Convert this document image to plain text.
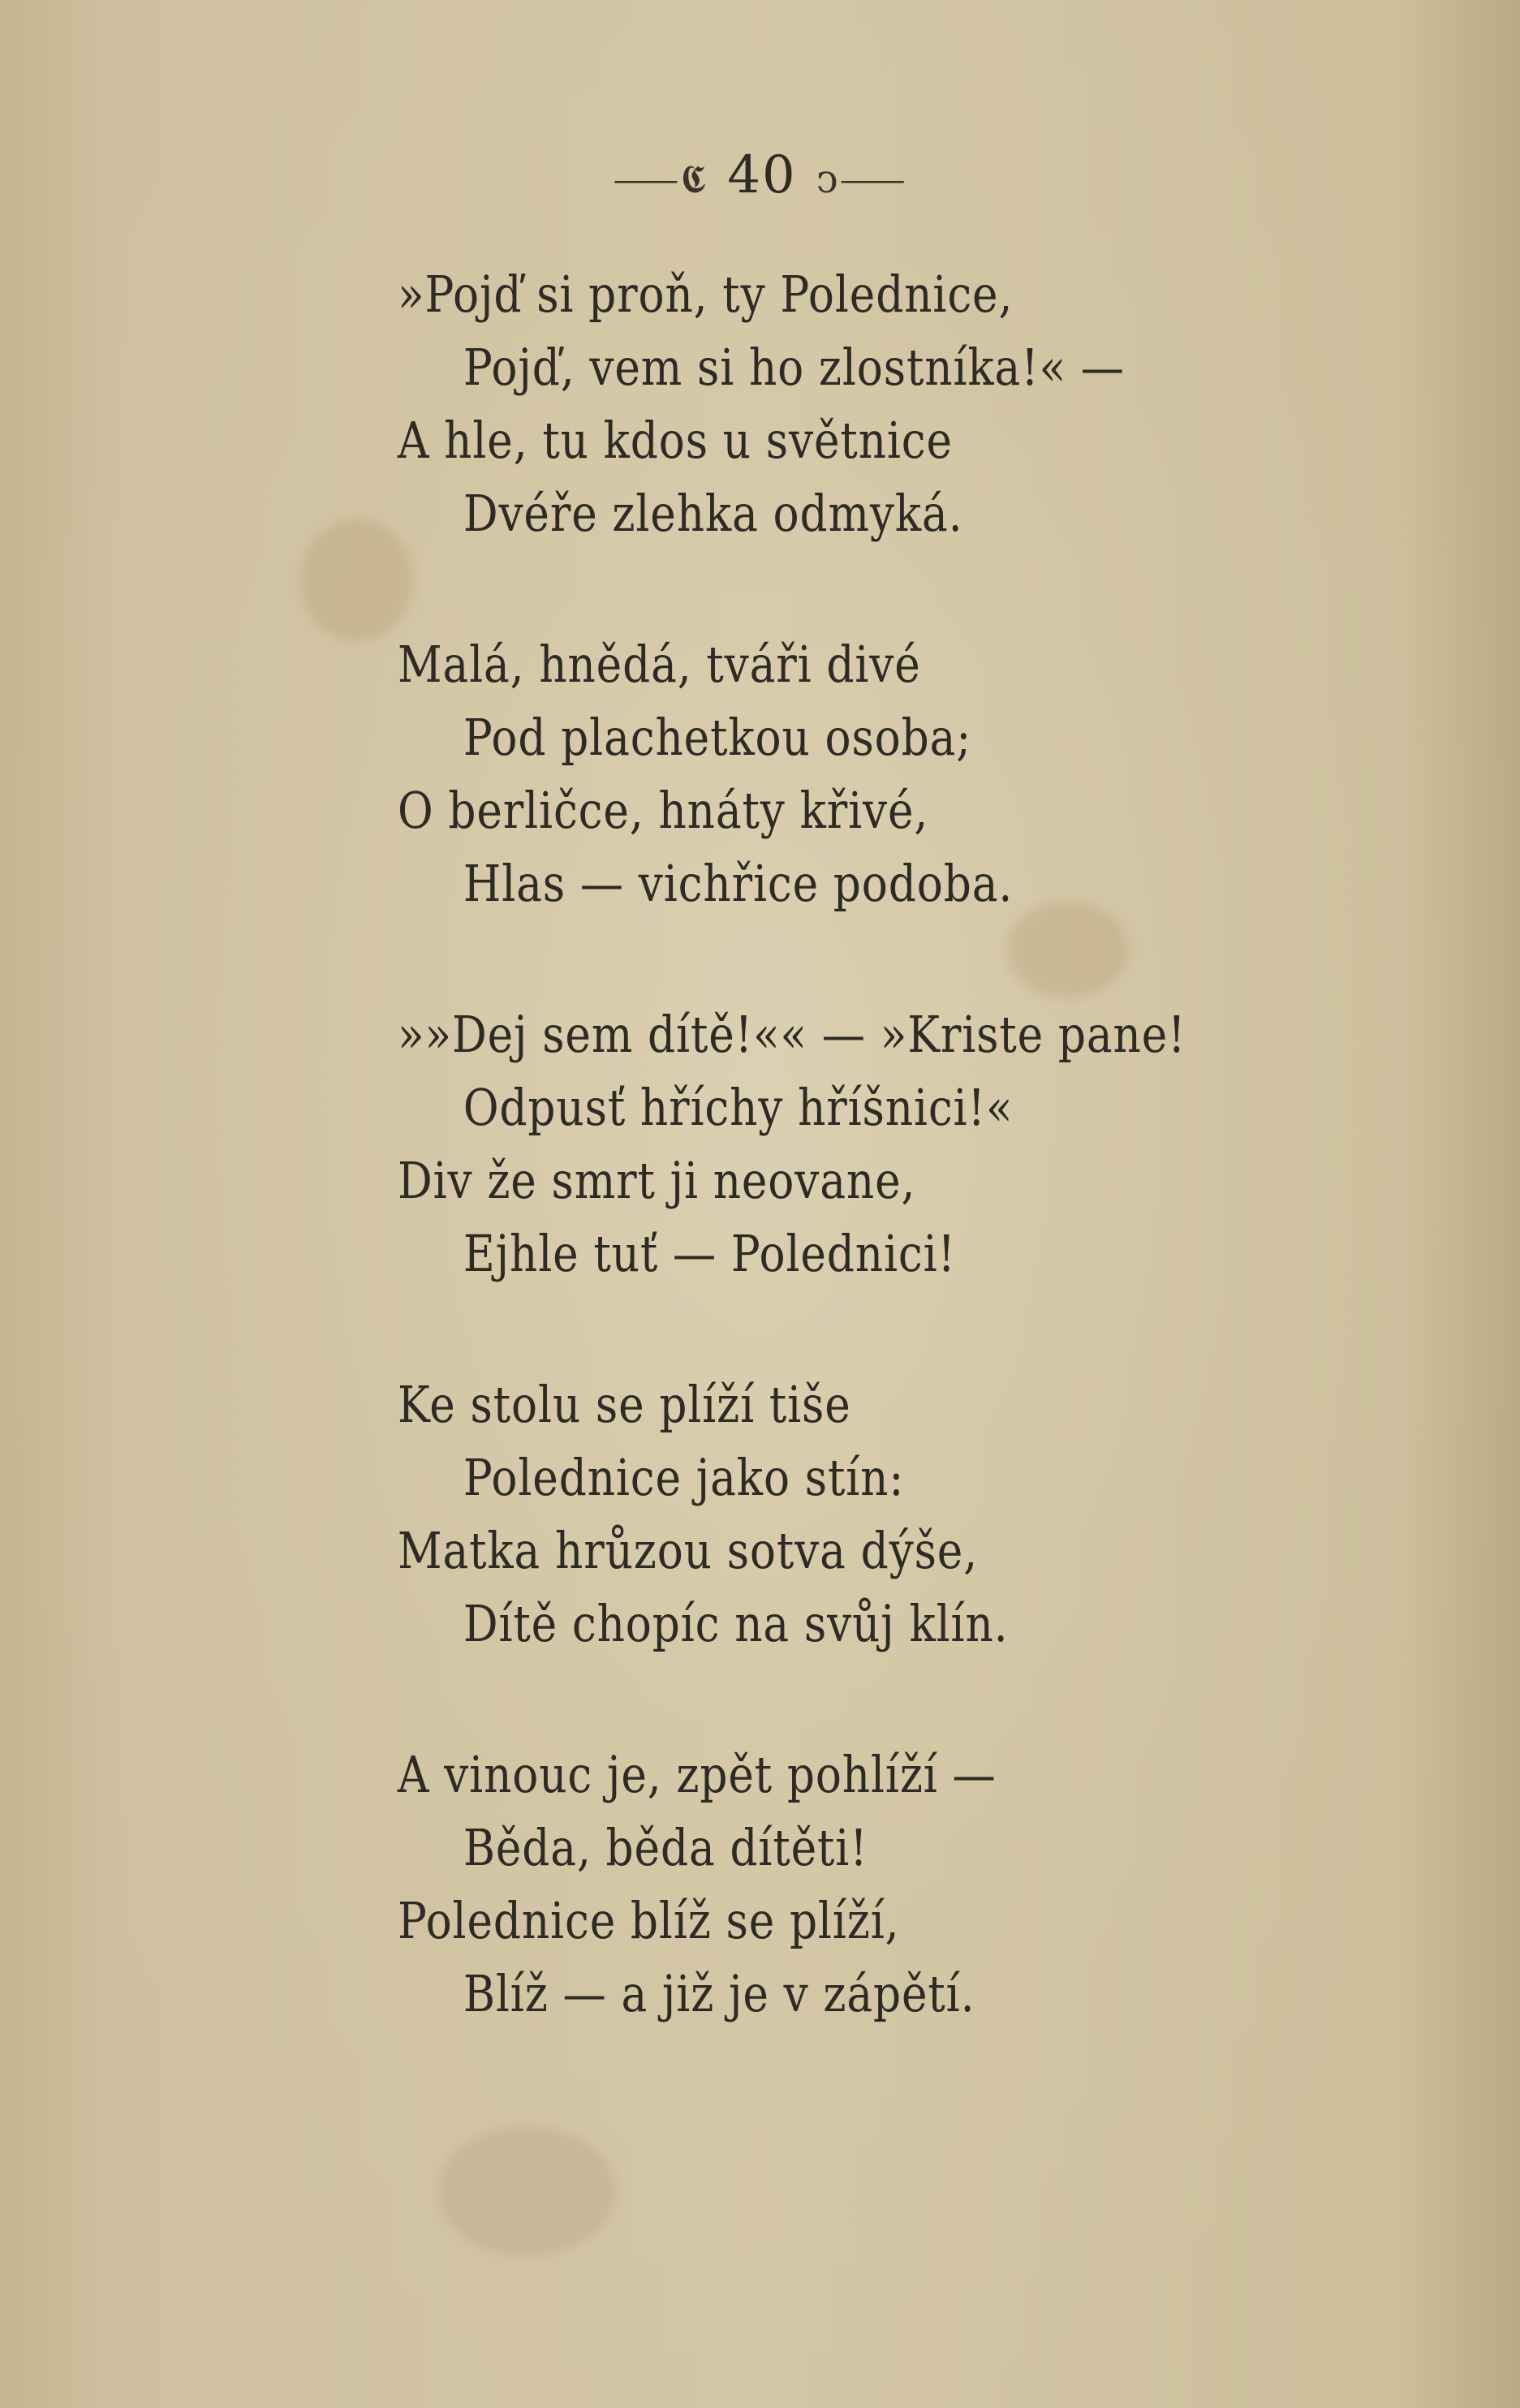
⸺𝕮 40 ↄ⸺
»Pojď si proň, ty Polednice,
Pojď, vem si ho zlostníka!« —
A hle, tu kdos u světnice
Dvéře zlehka odmyká.
Malá, hnědá, tváři divé
Pod plachetkou osoba;
O berličce, hnáty křivé,
Hlas — vichřice podoba.
»»Dej sem dítě!«« — »Kriste pane!
Odpusť hříchy hříšnici!«
Div že smrt ji neovane,
Ejhle tuť — Polednici!
Ke stolu se plíží tiše
Polednice jako stín:
Matka hrůzou sotva dýše,
Dítě chopíc na svůj klín.
A vinouc je, zpět pohlíží —
Běda, běda dítěti!
Polednice blíž se plíží,
Blíž — a již je v zápětí.
